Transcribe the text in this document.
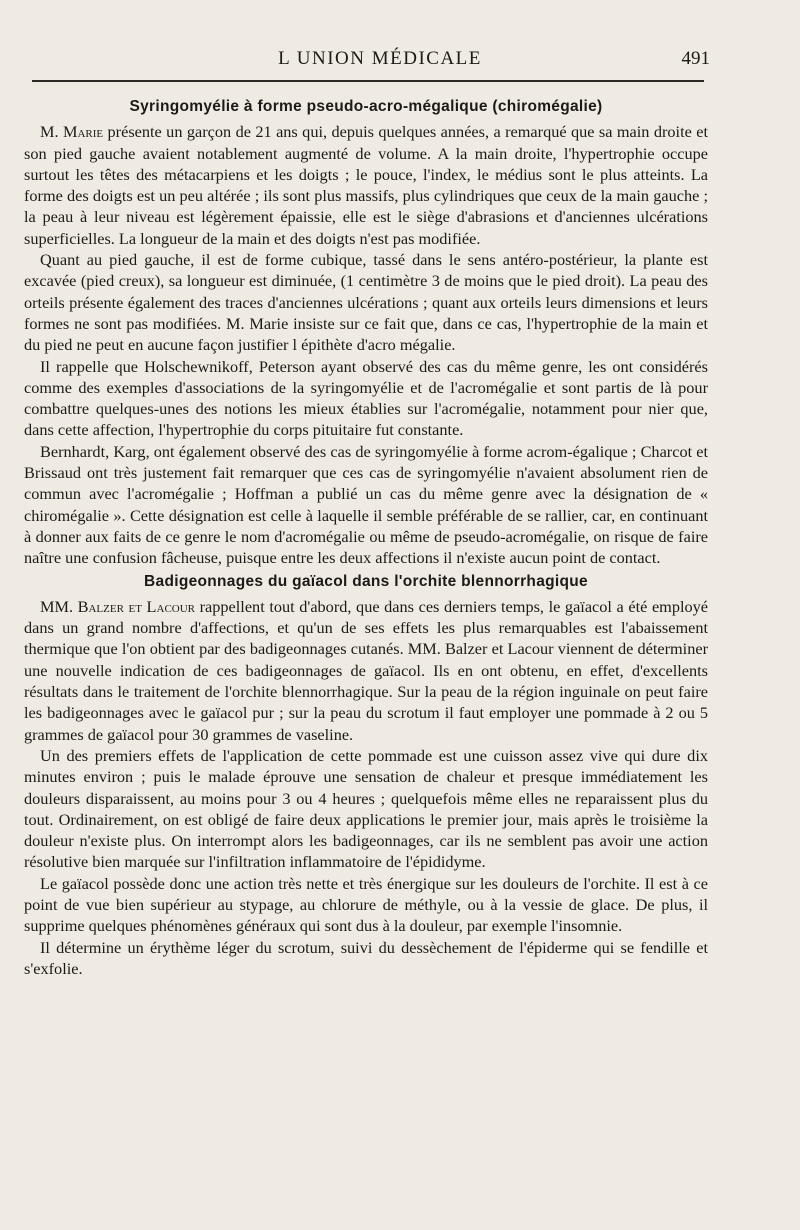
L UNION MÉDICALE	491
Syringomyélie à forme pseudo-acro-mégalique (chiromégalie)

M. Marie présente un garçon de 21 ans qui, depuis quelques années, a remarqué que sa main droite et son pied gauche avaient notablement augmenté de volume. A la main droite, l'hypertrophie occupe surtout les têtes des métacarpiens et les doigts ; le pouce, l'index, le médius sont le plus atteints. La forme des doigts est un peu altérée ; ils sont plus massifs, plus cylindriques que ceux de la main gauche ; la peau à leur niveau est légèrement épaissie, elle est le siège d'abrasions et d'anciennes ulcérations superficielles. La longueur de la main et des doigts n'est pas modifiée.

Quant au pied gauche, il est de forme cubique, tassé dans le sens antéro-postérieur, la plante est excavée (pied creux), sa longueur est diminuée, (1 centimètre 3 de moins que le pied droit). La peau des orteils présente également des traces d'anciennes ulcérations ; quant aux orteils leurs dimensions et leurs formes ne sont pas modifiées. M. Marie insiste sur ce fait que, dans ce cas, l'hypertrophie de la main et du pied ne peut en aucune façon justifier l épithète d'acro mégalie.

Il rappelle que Holschewnikoff, Peterson ayant observé des cas du même genre, les ont considérés comme des exemples d'associations de la syringomyélie et de l'acromégalie et sont partis de là pour combattre quelques-unes des notions les mieux établies sur l'acromégalie, notamment pour nier que, dans cette affection, l'hypertrophie du corps pituitaire fut constante.

Bernhardt, Karg, ont également observé des cas de syringomyélie à forme acrom-égalique ; Charcot et Brissaud ont très justement fait remarquer que ces cas de syringomyélie n'avaient absolument rien de commun avec l'acromégalie ; Hoffman a publié un cas du même genre avec la désignation de « chiromégalie ». Cette désignation est celle à laquelle il semble préférable de se rallier, car, en continuant à donner aux faits de ce genre le nom d'acromégalie ou même de pseudo-acromégalie, on risque de faire naître une confusion fâcheuse, puisque entre les deux affections il n'existe aucun point de contact.

Badigeonnages du gaïacol dans l'orchite blennorrhagique

MM. Balzer et Lacour rappellent tout d'abord, que dans ces derniers temps, le gaïacol a été employé dans un grand nombre d'affections, et qu'un de ses effets les plus remarquables est l'abaissement thermique que l'on obtient par des badigeonnages cutanés. MM. Balzer et Lacour viennent de déterminer une nouvelle indication de ces badigeonnages de gaïacol. Ils en ont obtenu, en effet, d'excellents résultats dans le traitement de l'orchite blennorrhagique. Sur la peau de la région inguinale on peut faire les badigeonnages avec le gaïacol pur ; sur la peau du scrotum il faut employer une pommade à 2 ou 5 grammes de gaïacol pour 30 grammes de vaseline.

Un des premiers effets de l'application de cette pommade est une cuisson assez vive qui dure dix minutes environ ; puis le malade éprouve une sensation de chaleur et presque immédiatement les douleurs disparaissent, au moins pour 3 ou 4 heures ; quelquefois même elles ne reparaissent plus du tout. Ordinairement, on est obligé de faire deux applications le premier jour, mais après le troisième la douleur n'existe plus. On interrompt alors les badigeonnages, car ils ne semblent pas avoir une action résolutive bien marquée sur l'infiltration inflammatoire de l'épididyme.

Le gaïacol possède donc une action très nette et très énergique sur les douleurs de l'orchite. Il est à ce point de vue bien supérieur au stypage, au chlorure de méthyle, ou à la vessie de glace. De plus, il supprime quelques phénomènes généraux qui sont dus à la douleur, par exemple l'insomnie.

Il détermine un érythème léger du scrotum, suivi du dessèchement de l'épiderme qui se fendille et s'exfolie.
